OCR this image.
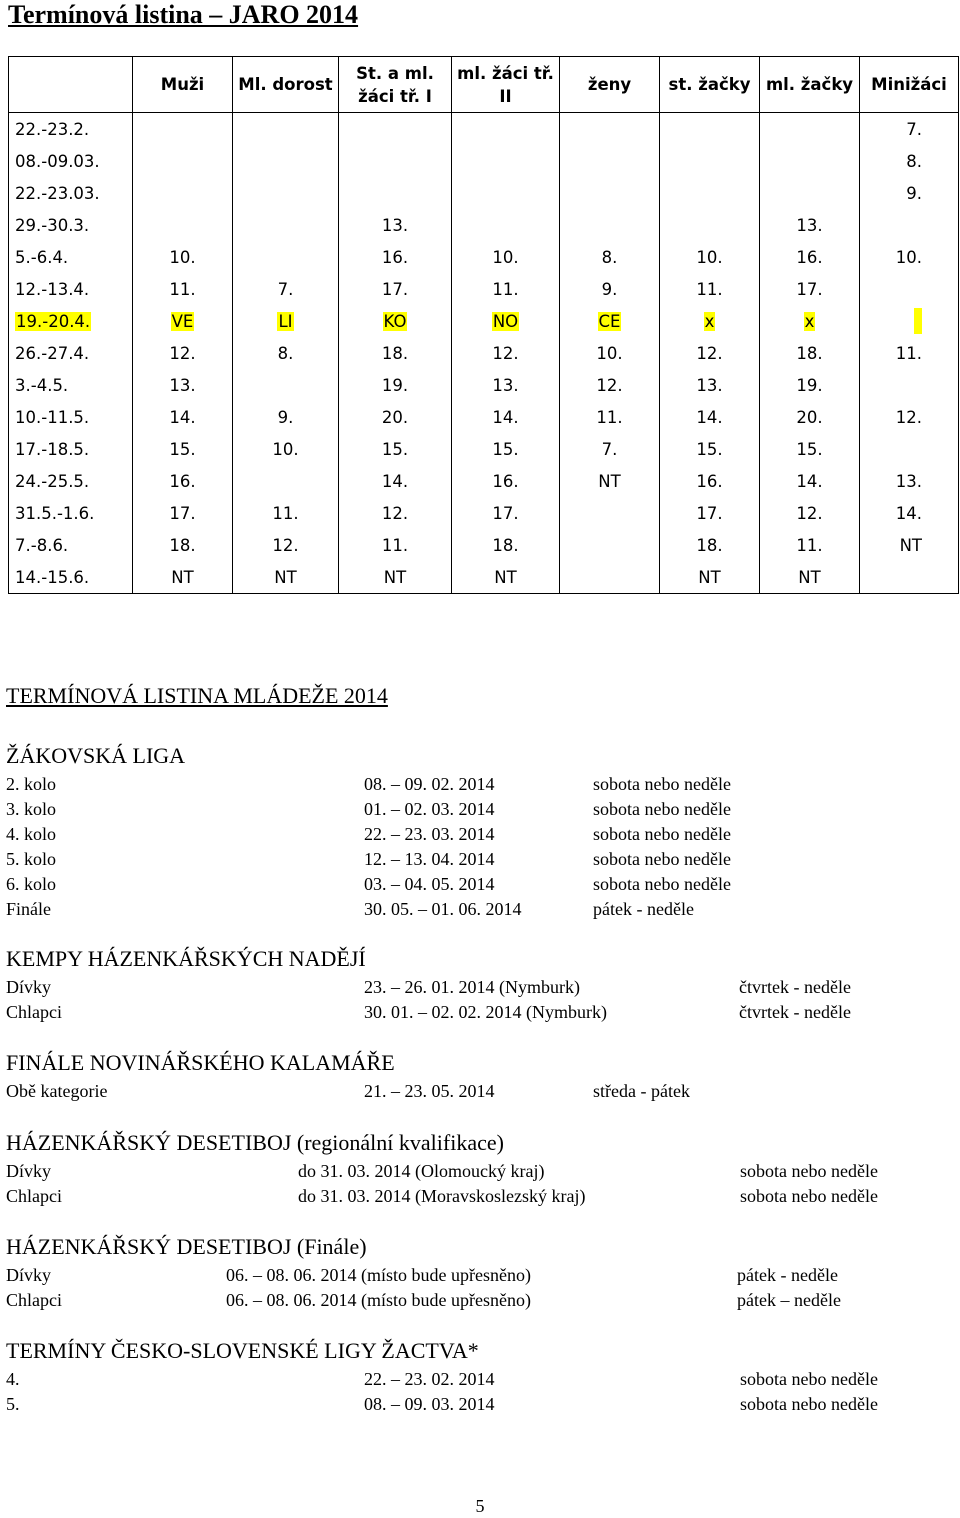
Termínová listina – JARO 2014
	Muži	Ml. dorost	St. a ml. žáci tř. I	ml. žáci tř. II	ženy	st. žačky	ml. žačky	Minižáci
22.-23.2.								7.
08.-09.03.								8.
22.-23.03.								9.
29.-30.3.			13.				13.	
5.-6.4.	10.		16.	10.	8.	10.	16.	10.
12.-13.4.	11.	7.	17.	11.	9.	11.	17.	
19.-20.4.	VE	LI	KO	NO	CE	x	x	
26.-27.4.	12.	8.	18.	12.	10.	12.	18.	11.
3.-4.5.	13.		19.	13.	12.	13.	19.	
10.-11.5.	14.	9.	20.	14.	11.	14.	20.	12.
17.-18.5.	15.	10.	15.	15.	7.	15.	15.	
24.-25.5.	16.		14.	16.	NT	16.	14.	13.
31.5.-1.6.	17.	11.	12.	17.		17.	12.	14.
7.-8.6.	18.	12.	11.	18.		18.	11.	NT
14.-15.6.	NT	NT	NT	NT		NT	NT	
TERMÍNOVÁ LISTINA MLÁDEŽE 2014
ŽÁKOVSKÁ LIGA
2. kolo	08. – 09. 02. 2014	sobota nebo neděle
3. kolo	01. – 02. 03. 2014	sobota nebo neděle
4. kolo	22. – 23. 03. 2014	sobota nebo neděle
5. kolo	12. – 13. 04. 2014	sobota nebo neděle
6. kolo	03. – 04. 05. 2014	sobota nebo neděle
Finále	30. 05. – 01. 06. 2014	pátek - neděle
KEMPY HÁZENKÁŘSKÝCH NADĚJÍ
Dívky	23. – 26. 01. 2014 (Nymburk)	čtvrtek - neděle
Chlapci	30. 01. – 02. 02. 2014 (Nymburk)	čtvrtek - neděle
FINÁLE NOVINÁŘSKÉHO KALAMÁŘE
Obě kategorie	21. – 23. 05. 2014	středa - pátek
HÁZENKÁŘSKÝ DESETIBOJ (regionální kvalifikace)
Dívky	do 31. 03. 2014 (Olomoucký kraj)	sobota nebo neděle
Chlapci	do 31. 03. 2014 (Moravskoslezský kraj)	sobota nebo neděle
HÁZENKÁŘSKÝ DESETIBOJ (Finále)
Dívky	06. – 08. 06. 2014 (místo bude upřesněno)	pátek - neděle
Chlapci	06. – 08. 06. 2014 (místo bude upřesněno)	pátek – neděle
TERMÍNY ČESKO-SLOVENSKÉ LIGY ŽACTVA*
4.	22. – 23. 02. 2014	sobota nebo neděle
5.	08. – 09. 03. 2014	sobota nebo neděle
5
